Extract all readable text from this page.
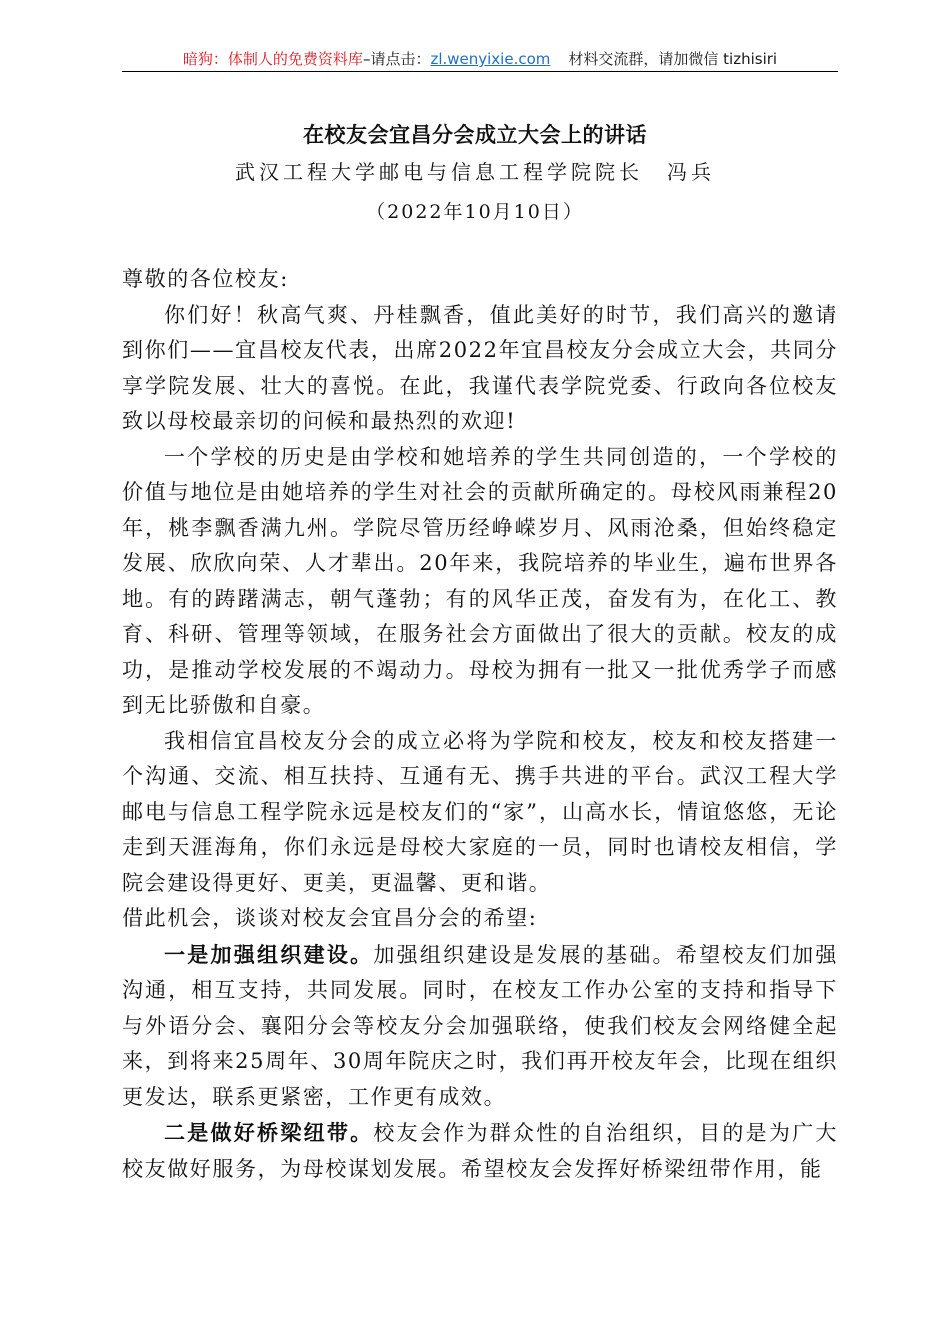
暗狗：体制人的免费资料库–请点击：zl.wenyixie.com 材料交流群，请加微信 tizhisiri
在校友会宜昌分会成立大会上的讲话
武汉工程大学邮电与信息工程学院院长　冯兵
（2022年10月10日）

尊敬的各位校友:

你们好！秋高气爽、丹桂飘香，值此美好的时节，我们高兴的邀请到你们——宜昌校友代表，出席2022年宜昌校友分会成立大会，共同分享学院发展、壮大的喜悦。在此，我谨代表学院党委、行政向各位校友致以母校最亲切的问候和最热烈的欢迎!

一个学校的历史是由学校和她培养的学生共同创造的，一个学校的价值与地位是由她培养的学生对社会的贡献所确定的。母校风雨兼程20年，桃李飘香满九州。学院尽管历经峥嵘岁月、风雨沧桑，但始终稳定发展、欣欣向荣、人才辈出。20年来，我院培养的毕业生，遍布世界各地。有的踌躇满志，朝气蓬勃；有的风华正茂，奋发有为，在化工、教育、科研、管理等领域，在服务社会方面做出了很大的贡献。校友的成功，是推动学校发展的不竭动力。母校为拥有一批又一批优秀学子而感到无比骄傲和自豪。

我相信宜昌校友分会的成立必将为学院和校友，校友和校友搭建一个沟通、交流、相互扶持、互通有无、携手共进的平台。武汉工程大学邮电与信息工程学院永远是校友们的“家”，山高水长，情谊悠悠，无论走到天涯海角，你们永远是母校大家庭的一员，同时也请校友相信，学院会建设得更好、更美，更温馨、更和谐。

借此机会，谈谈对校友会宜昌分会的希望:

一是加强组织建设。加强组织建设是发展的基础。希望校友们加强沟通，相互支持，共同发展。同时，在校友工作办公室的支持和指导下与外语分会、襄阳分会等校友分会加强联络，使我们校友会网络健全起来，到将来25周年、30周年院庆之时，我们再开校友年会，比现在组织更发达，联系更紧密，工作更有成效。

二是做好桥梁纽带。校友会作为群众性的自治组织，目的是为广大校友做好服务，为母校谋划发展。希望校友会发挥好桥梁纽带作用，能
